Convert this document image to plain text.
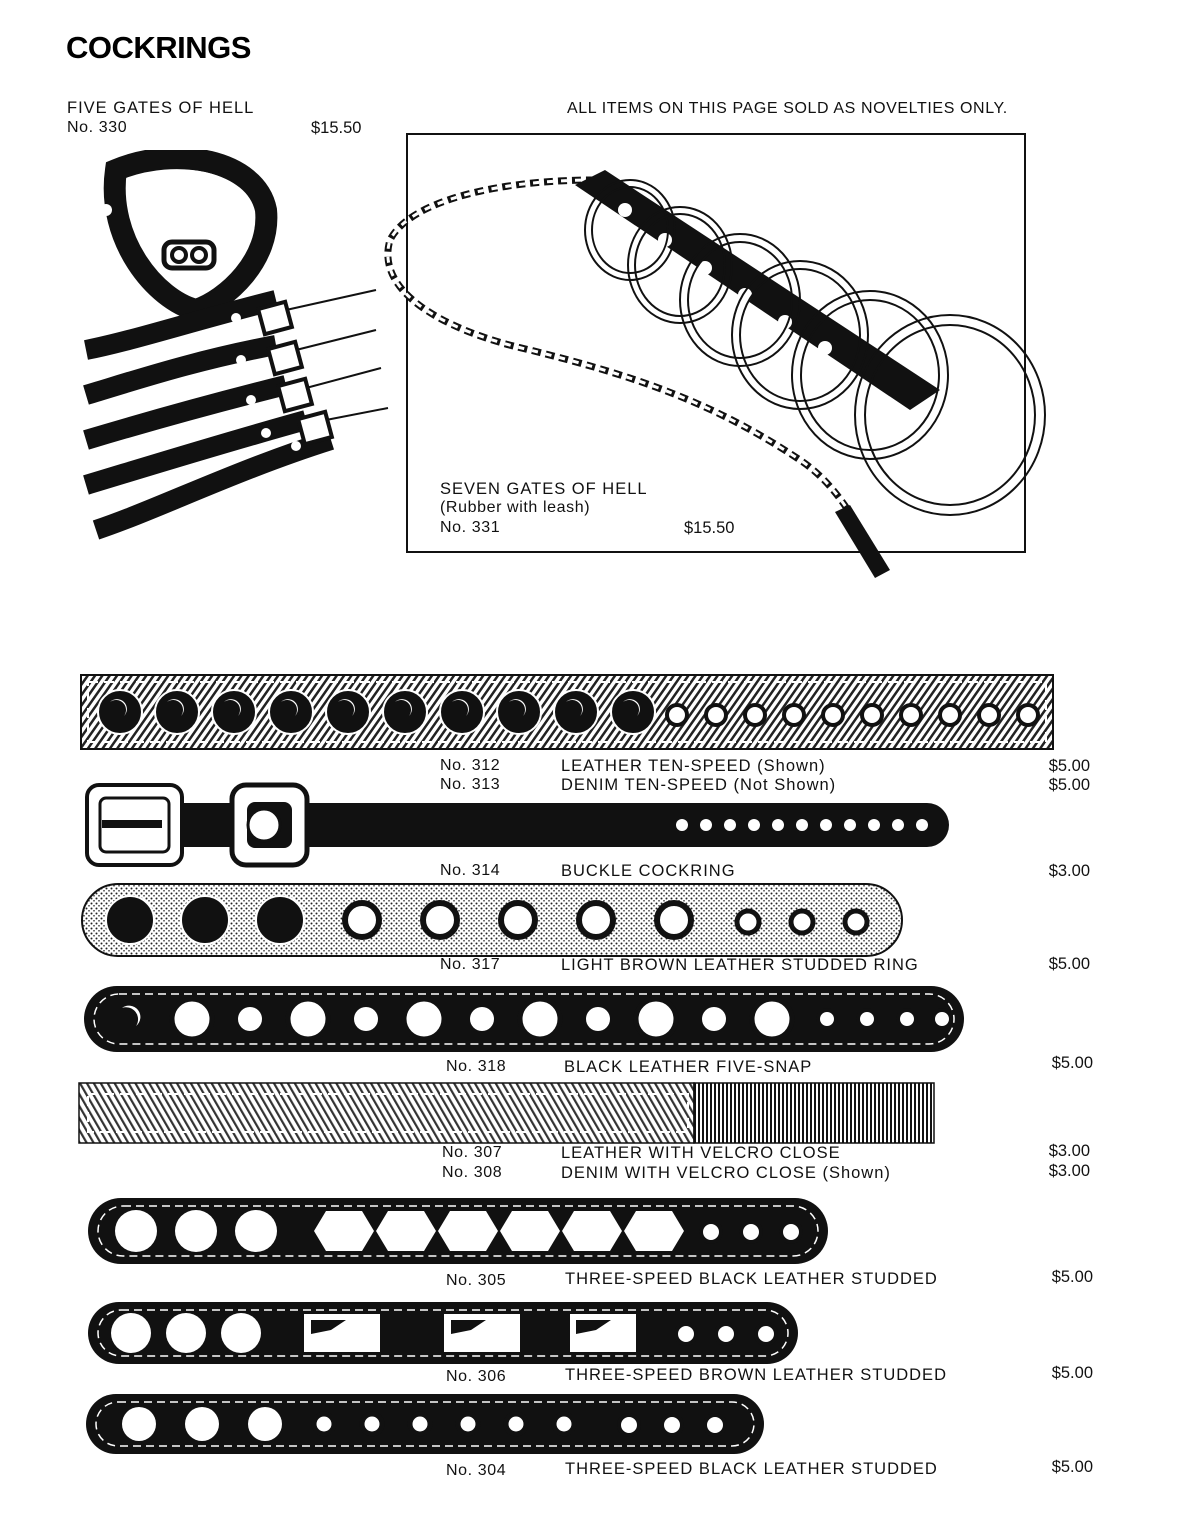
COCKRINGS
ALL ITEMS ON THIS PAGE SOLD AS NOVELTIES ONLY.
FIVE GATES OF HELL
No. 330	$15.50
SEVEN GATES OF HELL
(Rubber with leash)
No. 331	$15.50
No. 312	LEATHER TEN-SPEED (Shown)	$5.00
No. 313	DENIM TEN-SPEED (Not Shown)	$5.00
No. 314	BUCKLE COCKRING	$3.00
No. 317	LIGHT BROWN LEATHER STUDDED RING	$5.00
No. 318	BLACK LEATHER FIVE-SNAP	$5.00
No. 307	LEATHER WITH VELCRO CLOSE	$3.00
No. 308	DENIM WITH VELCRO CLOSE (Shown)	$3.00
No. 305	THREE-SPEED BLACK LEATHER STUDDED	$5.00
No. 306	THREE-SPEED BROWN LEATHER STUDDED	$5.00
No. 304	THREE-SPEED BLACK LEATHER STUDDED	$5.00
